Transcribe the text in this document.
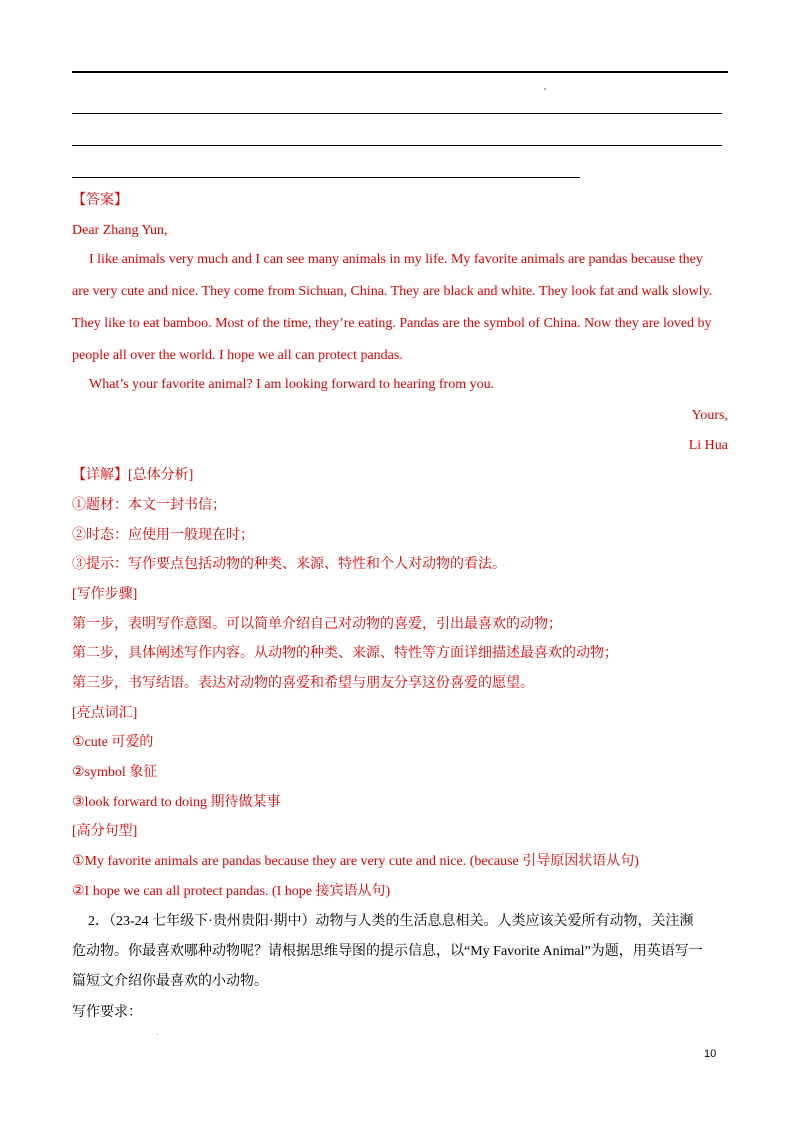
【答案】
Dear Zhang Yun,
I like animals very much and I can see many animals in my life. My favorite animals are pandas because they
are very cute and nice. They come from Sichuan, China. They are black and white. They look fat and walk slowly.
They like to eat bamboo. Most of the time, they’re eating. Pandas are the symbol of China. Now they are loved by
people all over the world. I hope we all can protect pandas.
What’s your favorite animal? I am looking forward to hearing from you.
Yours,
Li Hua
【详解】[总体分析]
①题材：本文一封书信；
②时态：应使用一般现在时；
③提示：写作要点包括动物的种类、来源、特性和个人对动物的看法。
[写作步骤]
第一步，表明写作意图。可以简单介绍自己对动物的喜爱，引出最喜欢的动物；
第二步，具体阐述写作内容。从动物的种类、来源、特性等方面详细描述最喜欢的动物；
第三步，书写结语。表达对动物的喜爱和希望与朋友分享这份喜爱的愿望。
[亮点词汇]
①cute 可爱的
②symbol 象征
③look forward to doing 期待做某事
[高分句型]
①My favorite animals are pandas because they are very cute and nice. (because 引导原因状语从句)
②I hope we can all protect pandas. (I hope 接宾语从句)
2．（23-24 七年级下·贵州贵阳·期中）动物与人类的生活息息相关。人类应该关爱所有动物，关注濒
危动物。你最喜欢哪种动物呢？请根据思维导图的提示信息，以“My Favorite Animal”为题，用英语写一
篇短文介绍你最喜欢的小动物。
写作要求：
10
